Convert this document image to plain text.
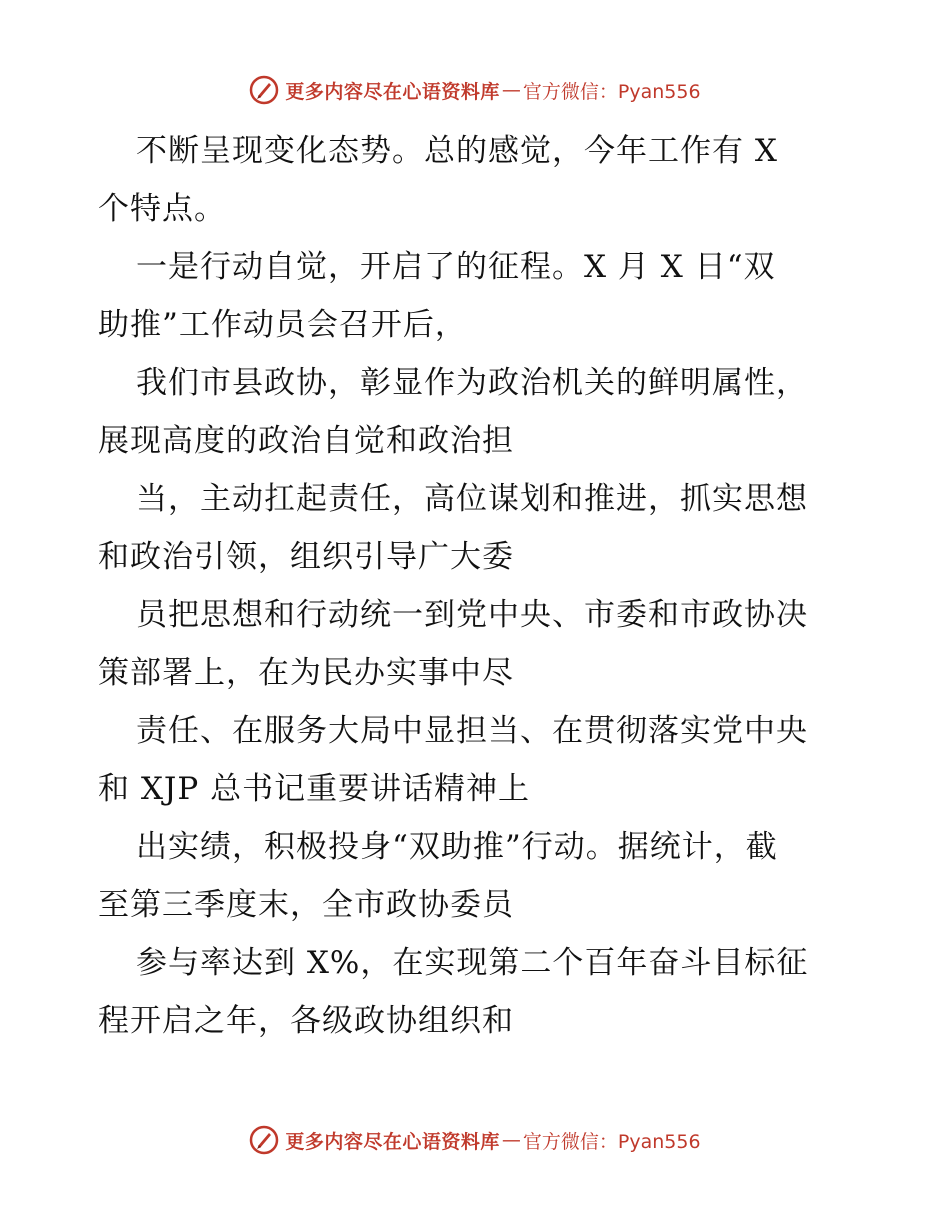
更多内容尽在心语资料库 — 官方微信：Pyan556
不断呈现变化态势。总的感觉，今年工作有 X
个特点。
一是行动自觉，开启了的征程。X 月 X 日“双
助推”工作动员会召开后，
我们市县政协，彰显作为政治机关的鲜明属性，
展现高度的政治自觉和政治担
当，主动扛起责任，高位谋划和推进，抓实思想
和政治引领，组织引导广大委
员把思想和行动统一到党中央、市委和市政协决
策部署上，在为民办实事中尽
责任、在服务大局中显担当、在贯彻落实党中央
和 XJP 总书记重要讲话精神上
出实绩，积极投身“双助推”行动。据统计，截
至第三季度末，全市政协委员
参与率达到 X%，在实现第二个百年奋斗目标征
程开启之年，各级政协组织和
更多内容尽在心语资料库 — 官方微信：Pyan556
